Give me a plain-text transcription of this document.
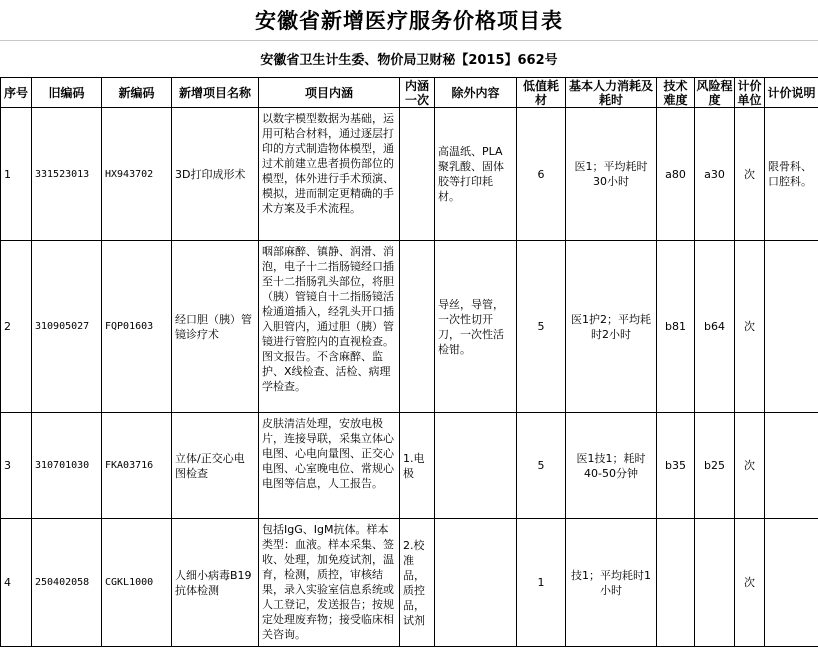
安徽省新增医疗服务价格项目表
安徽省卫生计生委、物价局卫财秘【2015】662号
序号	旧编码	新编码	新增项目名称	项目内涵	内涵一次	除外内容	低值耗材	基本人力消耗及耗时	技术难度	风险程度	计价单位	计价说明
1	331523013	HX943702	3D打印成形术	以数字模型数据为基础，运用可粘合材料，通过逐层打印的方式制造物体模型，通过术前建立患者损伤部位的模型，体外进行手术预演、模拟，进而制定更精确的手术方案及手术流程。		高温纸、PLA聚乳酸、固体胶等打印耗材。	6	医1；平均耗时30小时	a80	a30	次	限骨科、口腔科。
2	310905027	FQP01603	经口胆（胰）管镜诊疗术	咽部麻醉、镇静、润滑、消泡，电子十二指肠镜经口插至十二指肠乳头部位，将胆（胰）管镜自十二指肠镜活检通道插入，经乳头开口插入胆管内，通过胆（胰）管镜进行管腔内的直视检查。图文报告。不含麻醉、监护、X线检查、活检、病理学检查。		导丝，导管，一次性切开刀，一次性活检钳。	5	医1护2；平均耗时2小时	b81	b64	次	
3	310701030	FKA03716	立体/正交心电图检查	皮肤清洁处理，安放电极片，连接导联，采集立体心电图、心电向量图、正交心电图、心室晚电位、常规心电图等信息，人工报告。	1.电极		5	医1技1；耗时40-50分钟	b35	b25	次	
4	250402058	CGKL1000	人细小病毒B19抗体检测	包括IgG、IgM抗体。样本类型：血液。样本采集、签收、处理，加免疫试剂，温育，检测，质控，审核结果，录入实验室信息系统或人工登记，发送报告；按规定处理废弃物；接受临床相关咨询。	2.校准品，质控品，试剂		1	技1；平均耗时1小时			次	
